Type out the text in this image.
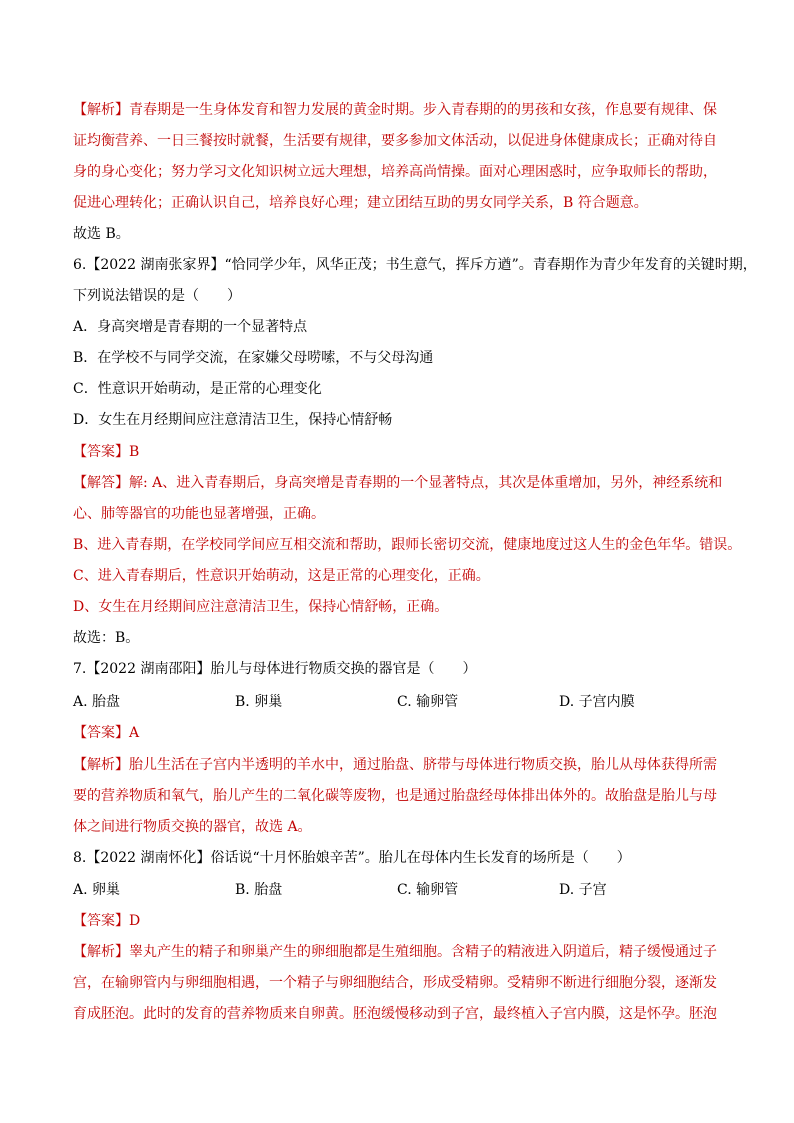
【解析】青春期是一生身体发育和智力发展的黄金时期。步入青春期的的男孩和女孩，作息要有规律、保
证均衡营养、一日三餐按时就餐，生活要有规律，要多参加文体活动，以促进身体健康成长；正确对待自
身的身心变化；努力学习文化知识树立远大理想，培养高尚情操。面对心理困惑时，应争取师长的帮助，
促进心理转化；正确认识自己，培养良好心理；建立团结互助的男女同学关系，B 符合题意。
故选 B。
6.【2022 湖南张家界】“恰同学少年，风华正茂；书生意气，挥斥方遒”。青春期作为青少年发育的关键时期，
下列说法错误的是（　　）
A．身高突增是青春期的一个显著特点
B．在学校不与同学交流，在家嫌父母唠嗦，不与父母沟通
C．性意识开始萌动，是正常的心理变化
D．女生在月经期间应注意清洁卫生，保持心情舒畅
【答案】B
【解答】解: A、进入青春期后，身高突增是青春期的一个显著特点，其次是体重增加，另外，神经系统和
心、肺等器官的功能也显著增强，正确。
B、进入青春期，在学校同学间应互相交流和帮助，跟师长密切交流，健康地度过这人生的金色年华。错误。
C、进入青春期后，性意识开始萌动，这是正常的心理变化，正确。
D、女生在月经期间应注意清洁卫生，保持心情舒畅，正确。
故选：B。
7.【2022 湖南邵阳】胎儿与母体进行物质交换的器官是（　　）
A. 胎盘	B. 卵巢	C. 输卵管	D. 子宫内膜
【答案】A
【解析】胎儿生活在子宫内半透明的羊水中，通过胎盘、脐带与母体进行物质交换，胎儿从母体获得所需
要的营养物质和氧气，胎儿产生的二氧化碳等废物，也是通过胎盘经母体排出体外的。故胎盘是胎儿与母
体之间进行物质交换的器官，故选 A。
8.【2022 湖南怀化】俗话说“十月怀胎娘辛苦”。胎儿在母体内生长发育的场所是（　　）
A. 卵巢	B. 胎盘	C. 输卵管	D. 子宫
【答案】D
【解析】睾丸产生的精子和卵巢产生的卵细胞都是生殖细胞。含精子的精液进入阴道后，精子缓慢通过子
宫，在输卵管内与卵细胞相遇，一个精子与卵细胞结合，形成受精卵。受精卵不断进行细胞分裂，逐渐发
育成胚泡。此时的发育的营养物质来自卵黄。胚泡缓慢移动到子宫，最终植入子宫内膜，这是怀孕。胚泡
